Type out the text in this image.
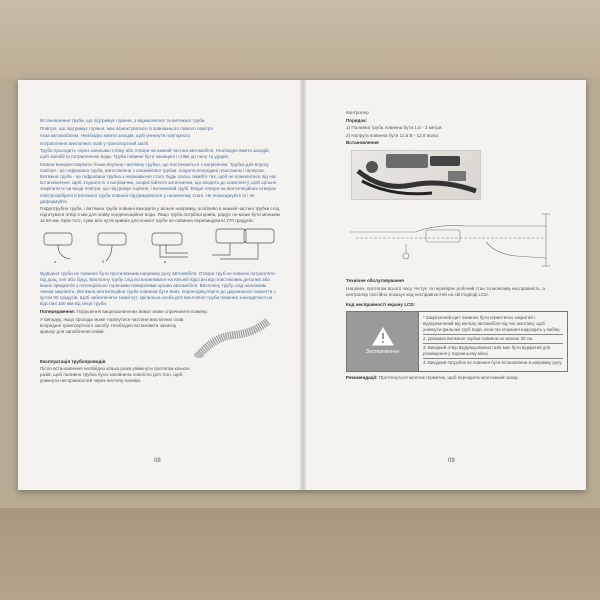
Встановлення труби, що підтримує горіння, з відмахлиткої та витяжної труби.

Повітря, що підтримує горіння, має всмоктуватися із зовнішнього свіжого повітря

поза автомобілем. Необхідно вжити заходів, щоб уникнути повторного

потрапляння вихлопних газів у транспортний засіб.

Труби проходить через зовнішню стінку або отвори на нижній частині автомобіля. Необхідно вжити заходів, щоб запобігти потраплянню води. Труби повинні бути захищені і стійкі до пилу та ударів.

Можна використовувати тільки впускну і витяжну трубки, що постачаються з нагрівачем. Трубка для впуску повітря - це гофрована труба, виготовлена з алюмінієвої трубки, покрита всередині пластиком і папером. Витяжна труба - це гофрована трубка з нержавіючої сталі. Будь ласка, вжийте тих, щоб не помилитися під час встановлення. Щоб з'єднати їх з нагрівачем, скористайтеся затискачем, що входить до комплекту, щоб щільно закріпити їх на вході повітря, що підтримує горіння, і витяжковій трубі. Вхідні отвори на вентиляційних отворах повітрозабірної й витяжної труби повинні підтримуватися у належному стані. Не пошкоджуйте їх і не деформуйте.

Гофротрубна труба, і витяжна труба повинні виходити у вільне напрямку, особливо в нижній частині трубки слід підготувати отвір 4 мм для зливу конденсаційної води. Якщо труба потрібна крива, радіус не може бути меншим за 50 мм. Крім того, сума всіх кутів кривих для кожної труби не повинна перевищувати 270 градусів.

а	б	в

Відвідної труби не повинно бути протилежним напрямку руху автомобіля. Отвори труб не повинні потрапляти під дощ, сніг або бруд. Вихлопну трубу слід встановлювати на вільній відстані від пластикових деталей або інших предметів з потенціально горючими поверхнями кузова автомобіля. Вихлопну трубу слід належним чином закріпити. Витяжна вентиляційна труба повинна бути вниз, перпендикулярно до дорожнього покриття з кутом 90 градусів. Щоб забезпечити такий кут, кріпильна скоба для вихлопної труби повинна знаходитися на відстані 150 мм від кінця труби.

Попередження: Порушення вищезазначених вимог може спричинити пожежу.

У випадку, якщо проходи може торкнутися частини вихлопних газів всередині транспортного засобу. Необхідно встановити захисну кришку для запобігання опіків.

Експлуатація трубопроводів

Після встановлення необхідно кілька разів увімкнути протягом кількох разів, щоб паливна трубка була заповнена повністю для того, щоб уникнути несправностей через нестачу палива.

08

Контролер

Порядок:

1) Паливна труба повинна бути 1,5 - 2 метри.

2) Напруга повинна бути 11,5 В - 12,8 вольт.

Встановлення

Технічне обслуговування

Нагрівач, протягом всього часу тестує та перевіряє робочий стан та можливу несправність, а контролер постійно показує код несправностей на світлодіоді LCD.

Код несправності екрану LCD:

Застереження
* Закріплений щит повинен бути герметично закритий і відокремлений від металу автомобіля під час монтажу, щоб уникнути фальних труб води, коли газ згорання надходить у кабіну.
2. Довжина витяжної трубки повинна не менше 30 см.
3. Вихідний отвір відпрацьованих газів має бути відкритий для розміщення у порожньому місці.
4. Вихідний патрубок не повинен бути встановлена в напрямку руху.

Рекомендації: Протягнуться монтаж герметик, щоб перекрити монтажний зазор.

09
